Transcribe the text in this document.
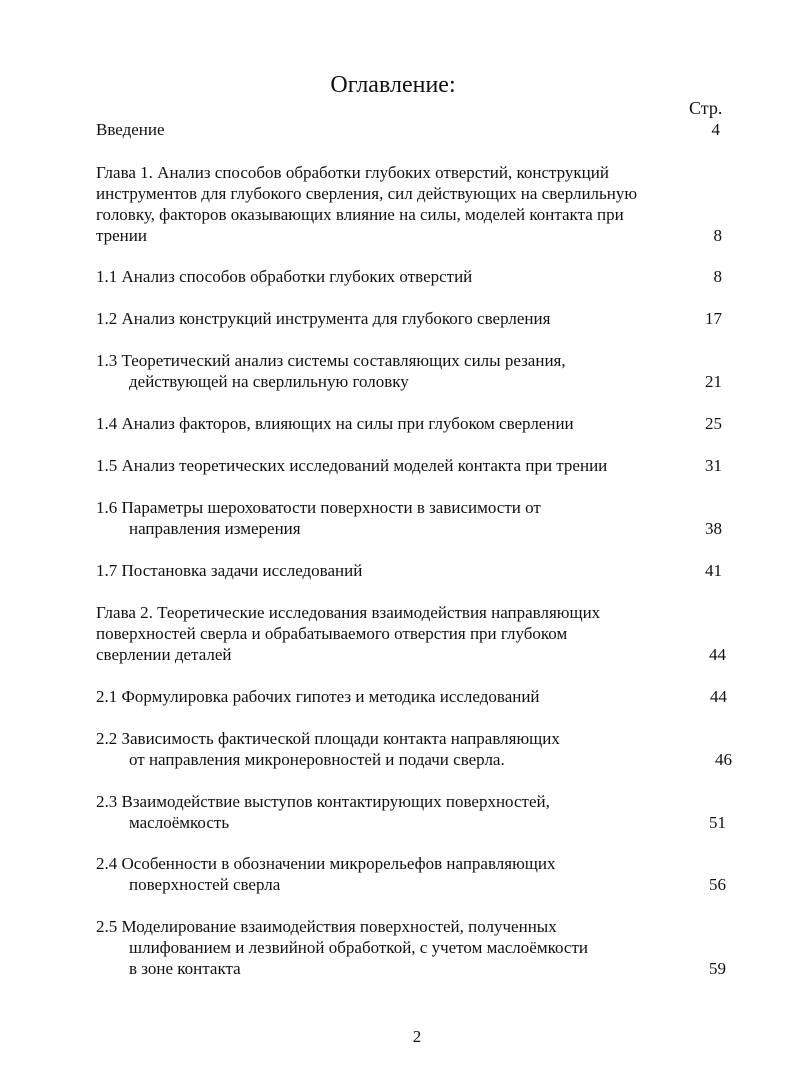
Оглавление:
Стр.
Введение	4
Глава 1. Анализ способов обработки глубоких отверстий, конструкций
инструментов для глубокого сверления, сил действующих на сверлильную
головку, факторов оказывающих влияние на силы, моделей контакта при
трении	8
1.1 Анализ способов обработки глубоких отверстий	8
1.2 Анализ конструкций инструмента для глубокого сверления	17
1.3 Теоретический анализ системы составляющих силы резания,
действующей на сверлильную головку	21
1.4 Анализ факторов, влияющих на силы при глубоком сверлении	25
1.5 Анализ теоретических исследований моделей контакта при трении	31
1.6 Параметры шероховатости поверхности в зависимости от
направления измерения	38
1.7 Постановка задачи исследований	41
Глава 2. Теоретические исследования взаимодействия направляющих
поверхностей сверла и обрабатываемого отверстия при глубоком
сверлении деталей	44
2.1 Формулировка рабочих гипотез и методика исследований	44
2.2 Зависимость фактической площади контакта направляющих
от направления микронеровностей и подачи сверла.	46
2.3 Взаимодействие выступов контактирующих поверхностей,
маслоёмкость	51
2.4 Особенности в обозначении микрорельефов направляющих
поверхностей сверла	56
2.5 Моделирование взаимодействия поверхностей, полученных
шлифованием и лезвийной обработкой, с учетом маслоёмкости
в зоне контакта	59
2
